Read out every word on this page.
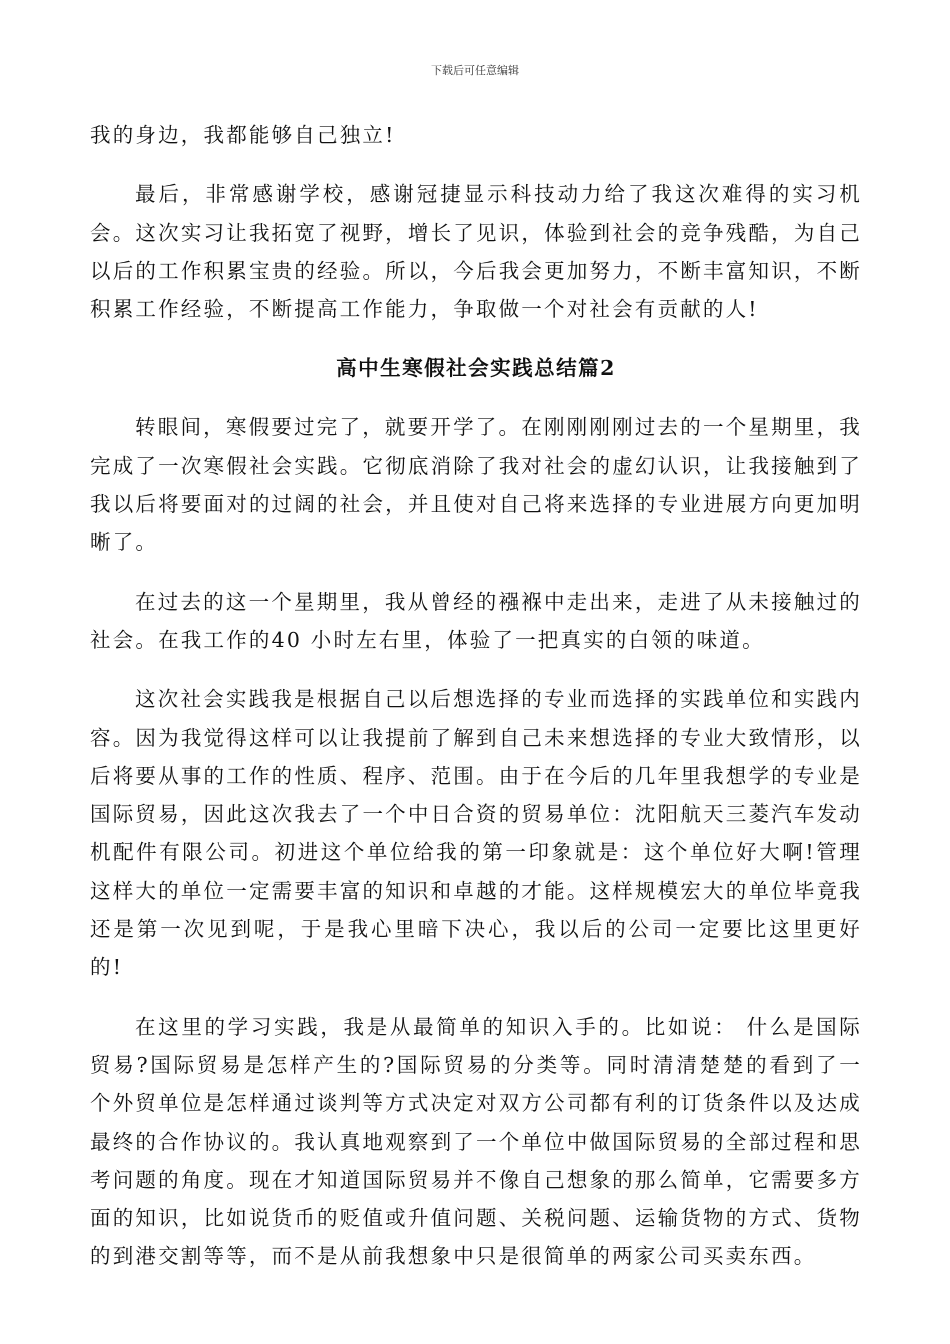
下载后可任意编辑

我的身边，我都能够自己独立!

最后，非常感谢学校，感谢冠捷显示科技动力给了我这次难得的实习机会。这次实习让我拓宽了视野，增长了见识，体验到社会的竞争残酷，为自己以后的工作积累宝贵的经验。所以，今后我会更加努力，不断丰富知识，不断积累工作经验，不断提高工作能力，争取做一个对社会有贡献的人!

高中生寒假社会实践总结篇2

转眼间，寒假要过完了，就要开学了。在刚刚刚刚过去的一个星期里，我完成了一次寒假社会实践。它彻底消除了我对社会的虚幻认识，让我接触到了我以后将要面对的过阔的社会，并且使对自己将来选择的专业进展方向更加明晰了。

在过去的这一个星期里，我从曾经的襁褓中走出来，走进了从未接触过的社会。在我工作的40 小时左右里，体验了一把真实的白领的味道。

这次社会实践我是根据自己以后想选择的专业而选择的实践单位和实践内容。因为我觉得这样可以让我提前了解到自己未来想选择的专业大致情形，以后将要从事的工作的性质、程序、范围。由于在今后的几年里我想学的专业是国际贸易，因此这次我去了一个中日合资的贸易单位：沈阳航天三菱汽车发动机配件有限公司。初进这个单位给我的第一印象就是：这个单位好大啊!管理这样大的单位一定需要丰富的知识和卓越的才能。这样规模宏大的单位毕竟我还是第一次见到呢，于是我心里暗下决心，我以后的公司一定要比这里更好的!

在这里的学习实践，我是从最简单的知识入手的。比如说： 什么是国际贸易?国际贸易是怎样产生的?国际贸易的分类等。同时清清楚楚的看到了一个外贸单位是怎样通过谈判等方式决定对双方公司都有利的订货条件以及达成最终的合作协议的。我认真地观察到了一个单位中做国际贸易的全部过程和思考问题的角度。现在才知道国际贸易并不像自己想象的那么简单，它需要多方面的知识，比如说货币的贬值或升值问题、关税问题、运输货物的方式、货物的到港交割等等，而不是从前我想象中只是很简单的两家公司买卖东西。
